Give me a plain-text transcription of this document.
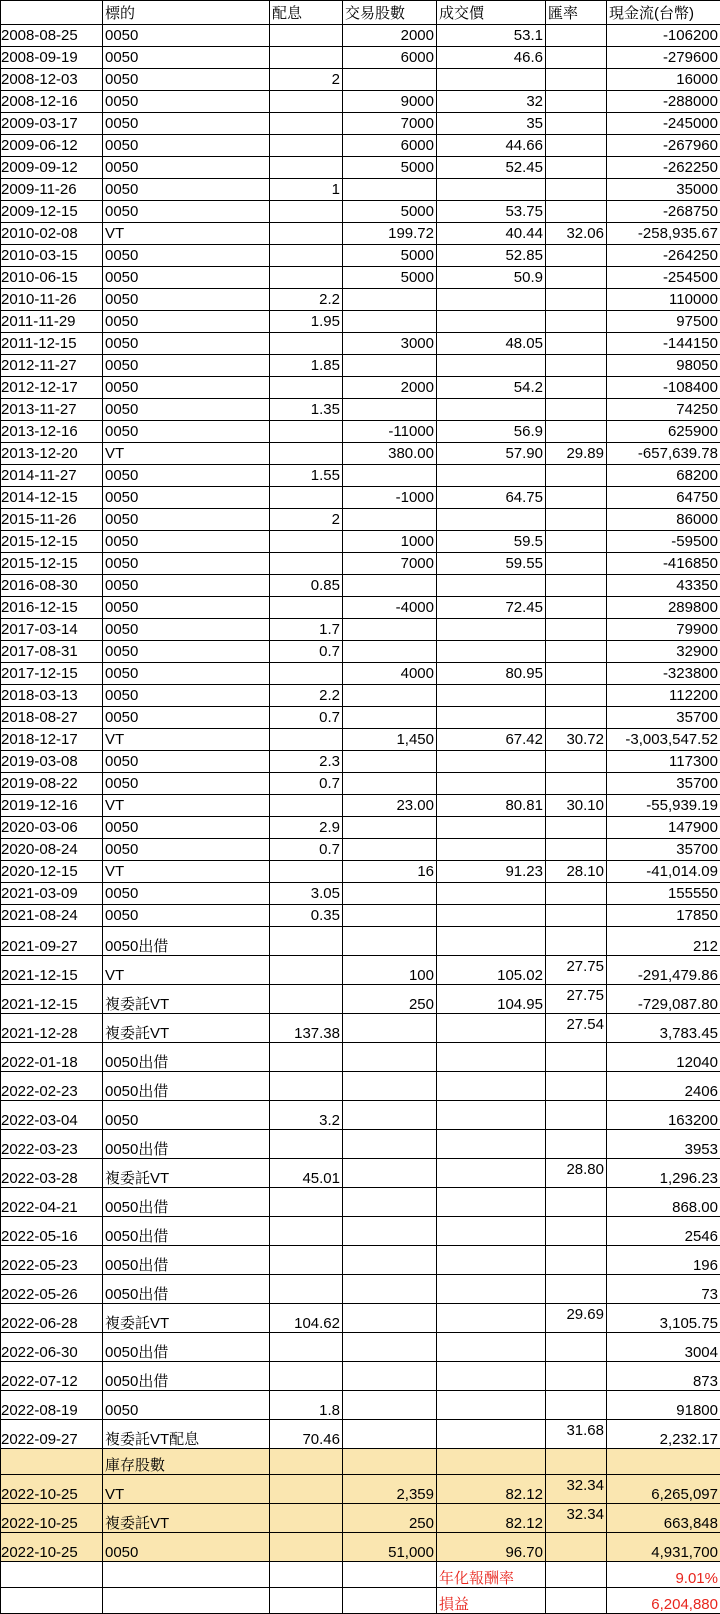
	標的	配息	交易股數	成交價	匯率	現金流(台幣)
2008-08-25	0050		2000	53.1		-106200
2008-09-19	0050		6000	46.6		-279600
2008-12-03	0050	2				16000
2008-12-16	0050		9000	32		-288000
2009-03-17	0050		7000	35		-245000
2009-06-12	0050		6000	44.66		-267960
2009-09-12	0050		5000	52.45		-262250
2009-11-26	0050	1				35000
2009-12-15	0050		5000	53.75		-268750
2010-02-08	VT		199.72	40.44	32.06	-258,935.67
2010-03-15	0050		5000	52.85		-264250
2010-06-15	0050		5000	50.9		-254500
2010-11-26	0050	2.2				110000
2011-11-29	0050	1.95				97500
2011-12-15	0050		3000	48.05		-144150
2012-11-27	0050	1.85				98050
2012-12-17	0050		2000	54.2		-108400
2013-11-27	0050	1.35				74250
2013-12-16	0050		-11000	56.9		625900
2013-12-20	VT		380.00	57.90	29.89	-657,639.78
2014-11-27	0050	1.55				68200
2014-12-15	0050		-1000	64.75		64750
2015-11-26	0050	2				86000
2015-12-15	0050		1000	59.5		-59500
2015-12-15	0050		7000	59.55		-416850
2016-08-30	0050	0.85				43350
2016-12-15	0050		-4000	72.45		289800
2017-03-14	0050	1.7				79900
2017-08-31	0050	0.7				32900
2017-12-15	0050		4000	80.95		-323800
2018-03-13	0050	2.2				112200
2018-08-27	0050	0.7				35700
2018-12-17	VT		1,450	67.42	30.72	-3,003,547.52
2019-03-08	0050	2.3				117300
2019-08-22	0050	0.7				35700
2019-12-16	VT		23.00	80.81	30.10	-55,939.19
2020-03-06	0050	2.9				147900
2020-08-24	0050	0.7				35700
2020-12-15	VT		16	91.23	28.10	-41,014.09
2021-03-09	0050	3.05				155550
2021-08-24	0050	0.35				17850
2021-09-27	0050出借					212
2021-12-15	VT		100	105.02	27.75	-291,479.86
2021-12-15	複委託VT		250	104.95	27.75	-729,087.80
2021-12-28	複委託VT	137.38			27.54	3,783.45
2022-01-18	0050出借					12040
2022-02-23	0050出借					2406
2022-03-04	0050	3.2				163200
2022-03-23	0050出借					3953
2022-03-28	複委託VT	45.01			28.80	1,296.23
2022-04-21	0050出借					868.00
2022-05-16	0050出借					2546
2022-05-23	0050出借					196
2022-05-26	0050出借					73
2022-06-28	複委託VT	104.62			29.69	3,105.75
2022-06-30	0050出借					3004
2022-07-12	0050出借					873
2022-08-19	0050	1.8				91800
2022-09-27	複委託VT配息	70.46			31.68	2,232.17
	庫存股數					
2022-10-25	VT		2,359	82.12	32.34	6,265,097
2022-10-25	複委託VT		250	82.12	32.34	663,848
2022-10-25	0050		51,000	96.70		4,931,700
				年化報酬率		9.01%
				損益		6,204,880
